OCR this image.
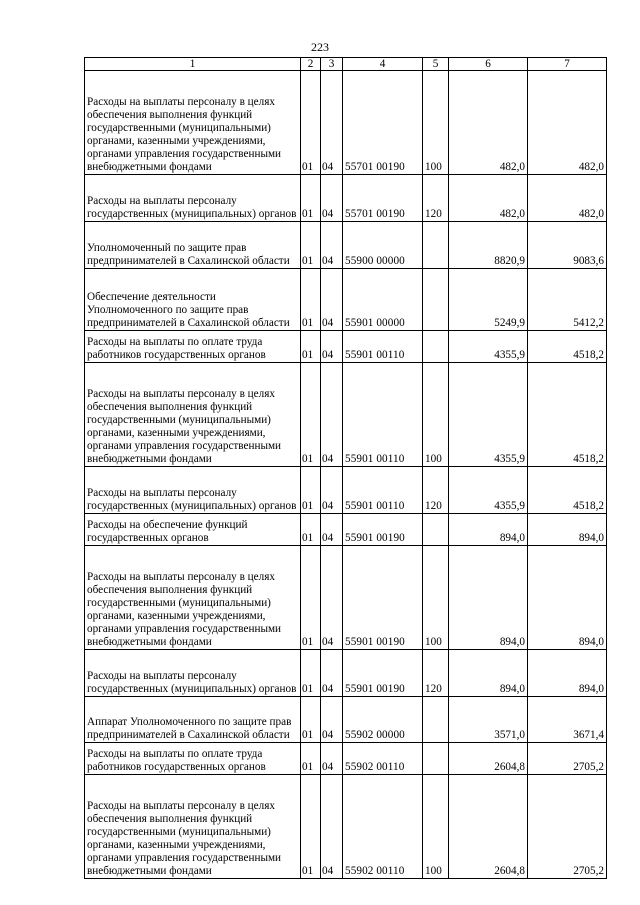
223
1	2	3	4	5	6	7
Расходы на выплаты персоналу в целях обеспечения выполнения функций государственными (муниципальными) органами, казенными учреждениями, органами управления государственными внебюджетными фондами	01	04	55701 00190	100	482,0	482,0
Расходы на выплаты персоналу государственных (муниципальных) органов	01	04	55701 00190	120	482,0	482,0
Уполномоченный по защите прав предпринимателей в Сахалинской области	01	04	55900 00000		8820,9	9083,6
Обеспечение деятельности Уполномоченного по защите прав предпринимателей в Сахалинской области	01	04	55901 00000		5249,9	5412,2
Расходы на выплаты по оплате труда работников государственных органов	01	04	55901 00110		4355,9	4518,2
Расходы на выплаты персоналу в целях обеспечения выполнения функций государственными (муниципальными) органами, казенными учреждениями, органами управления государственными внебюджетными фондами	01	04	55901 00110	100	4355,9	4518,2
Расходы на выплаты персоналу государственных (муниципальных) органов	01	04	55901 00110	120	4355,9	4518,2
Расходы на обеспечение функций государственных органов	01	04	55901 00190		894,0	894,0
Расходы на выплаты персоналу в целях обеспечения выполнения функций государственными (муниципальными) органами, казенными учреждениями, органами управления государственными внебюджетными фондами	01	04	55901 00190	100	894,0	894,0
Расходы на выплаты персоналу государственных (муниципальных) органов	01	04	55901 00190	120	894,0	894,0
Аппарат Уполномоченного по защите прав предпринимателей в Сахалинской области	01	04	55902 00000		3571,0	3671,4
Расходы на выплаты по оплате труда работников государственных органов	01	04	55902 00110		2604,8	2705,2
Расходы на выплаты персоналу в целях обеспечения выполнения функций государственными (муниципальными) органами, казенными учреждениями, органами управления государственными внебюджетными фондами	01	04	55902 00110	100	2604,8	2705,2
